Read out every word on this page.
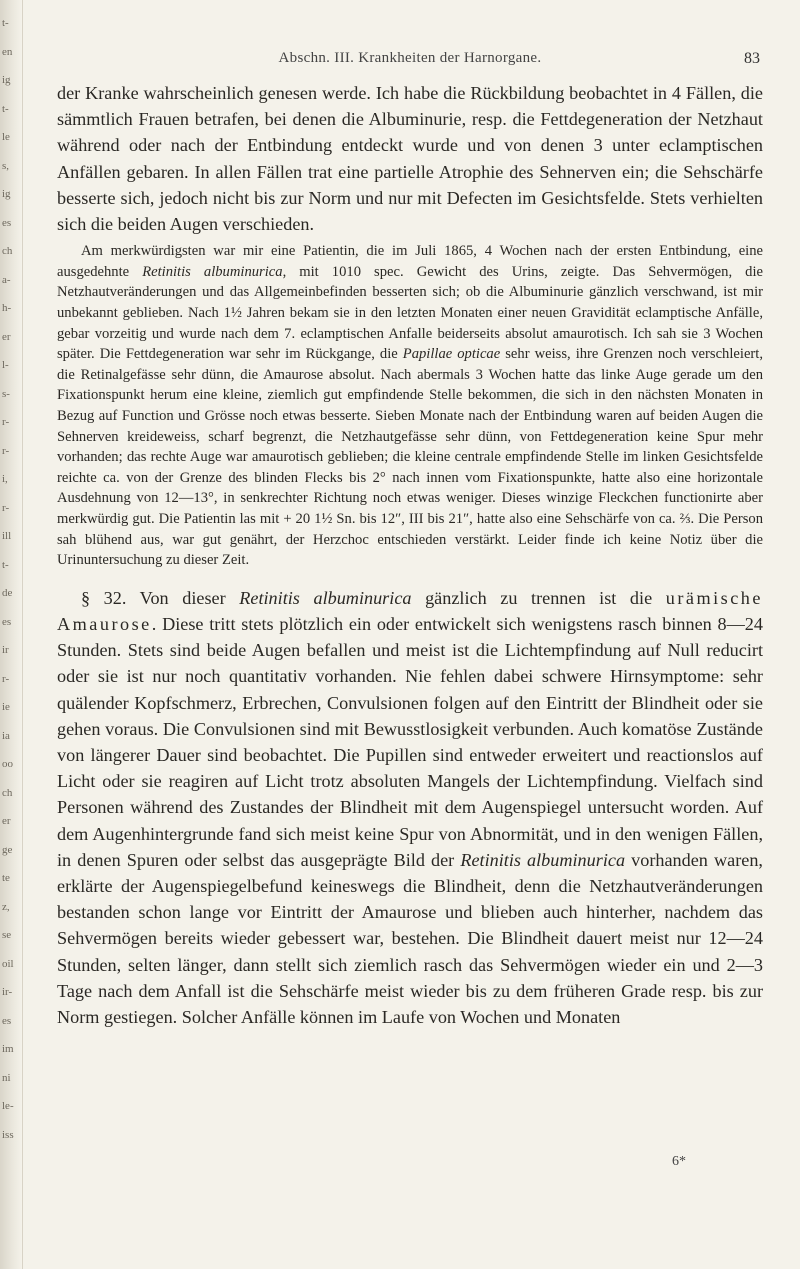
t-
en
ig
t-
le
s,
ig
es
ch
a-
h-
er
l-
s-
r-
r-
i,
r-
ill
t-
de
es
ir
r-
ie
ia
oo
ch
er
ge
te
z,
se
oil
ir-
es
im
ni
le-
iss
Abschn. III. Krankheiten der Harnorgane.	83

der Kranke wahrscheinlich genesen werde. Ich habe die Rückbildung beobachtet in 4 Fällen, die sämmtlich Frauen betrafen, bei denen die Albuminurie, resp. die Fettdegeneration der Netzhaut während oder nach der Entbindung entdeckt wurde und von denen 3 unter eclamptischen Anfällen gebaren. In allen Fällen trat eine partielle Atrophie des Sehnerven ein; die Sehschärfe besserte sich, jedoch nicht bis zur Norm und nur mit Defecten im Gesichtsfelde. Stets verhielten sich die beiden Augen verschieden.

Am merkwürdigsten war mir eine Patientin, die im Juli 1865, 4 Wochen nach der ersten Entbindung, eine ausgedehnte Retinitis albuminurica, mit 1010 spec. Gewicht des Urins, zeigte. Das Sehvermögen, die Netzhautveränderungen und das Allgemeinbefinden besserten sich; ob die Albuminurie gänzlich verschwand, ist mir unbekannt geblieben. Nach 1½ Jahren bekam sie in den letzten Monaten einer neuen Gravidität eclamptische Anfälle, gebar vorzeitig und wurde nach dem 7. eclamptischen Anfalle beiderseits absolut amaurotisch. Ich sah sie 3 Wochen später. Die Fettdegeneration war sehr im Rückgange, die Papillae opticae sehr weiss, ihre Grenzen noch verschleiert, die Retinalgefässe sehr dünn, die Amaurose absolut. Nach abermals 3 Wochen hatte das linke Auge gerade um den Fixationspunkt herum eine kleine, ziemlich gut empfindende Stelle bekommen, die sich in den nächsten Monaten in Bezug auf Function und Grösse noch etwas besserte. Sieben Monate nach der Entbindung waren auf beiden Augen die Sehnerven kreideweiss, scharf begrenzt, die Netzhautgefässe sehr dünn, von Fettdegeneration keine Spur mehr vorhanden; das rechte Auge war amaurotisch geblieben; die kleine centrale empfindende Stelle im linken Gesichtsfelde reichte ca. von der Grenze des blinden Flecks bis 2° nach innen vom Fixationspunkte, hatte also eine horizontale Ausdehnung von 12—13°, in senkrechter Richtung noch etwas weniger. Dieses winzige Fleckchen functionirte aber merkwürdig gut. Die Patientin las mit + 20 1½ Sn. bis 12″, III bis 21″, hatte also eine Sehschärfe von ca. ⅔. Die Person sah blühend aus, war gut genährt, der Herzchoc entschieden verstärkt. Leider finde ich keine Notiz über die Urinuntersuchung zu dieser Zeit.

§ 32. Von dieser Retinitis albuminurica gänzlich zu trennen ist die urämische Amaurose. Diese tritt stets plötzlich ein oder entwickelt sich wenigstens rasch binnen 8—24 Stunden. Stets sind beide Augen befallen und meist ist die Lichtempfindung auf Null reducirt oder sie ist nur noch quantitativ vorhanden. Nie fehlen dabei schwere Hirnsymptome: sehr quälender Kopfschmerz, Erbrechen, Convulsionen folgen auf den Eintritt der Blindheit oder sie gehen voraus. Die Convulsionen sind mit Bewusstlosigkeit verbunden. Auch komatöse Zustände von längerer Dauer sind beobachtet. Die Pupillen sind entweder erweitert und reactionslos auf Licht oder sie reagiren auf Licht trotz absoluten Mangels der Lichtempfindung. Vielfach sind Personen während des Zustandes der Blindheit mit dem Augenspiegel untersucht worden. Auf dem Augenhintergrunde fand sich meist keine Spur von Abnormität, und in den wenigen Fällen, in denen Spuren oder selbst das ausgeprägte Bild der Retinitis albuminurica vorhanden waren, erklärte der Augenspiegelbefund keineswegs die Blindheit, denn die Netzhautveränderungen bestanden schon lange vor Eintritt der Amaurose und blieben auch hinterher, nachdem das Sehvermögen bereits wieder gebessert war, bestehen. Die Blindheit dauert meist nur 12—24 Stunden, selten länger, dann stellt sich ziemlich rasch das Sehvermögen wieder ein und 2—3 Tage nach dem Anfall ist die Sehschärfe meist wieder bis zu dem früheren Grade resp. bis zur Norm gestiegen. Solcher Anfälle können im Laufe von Wochen und Monaten

6*
